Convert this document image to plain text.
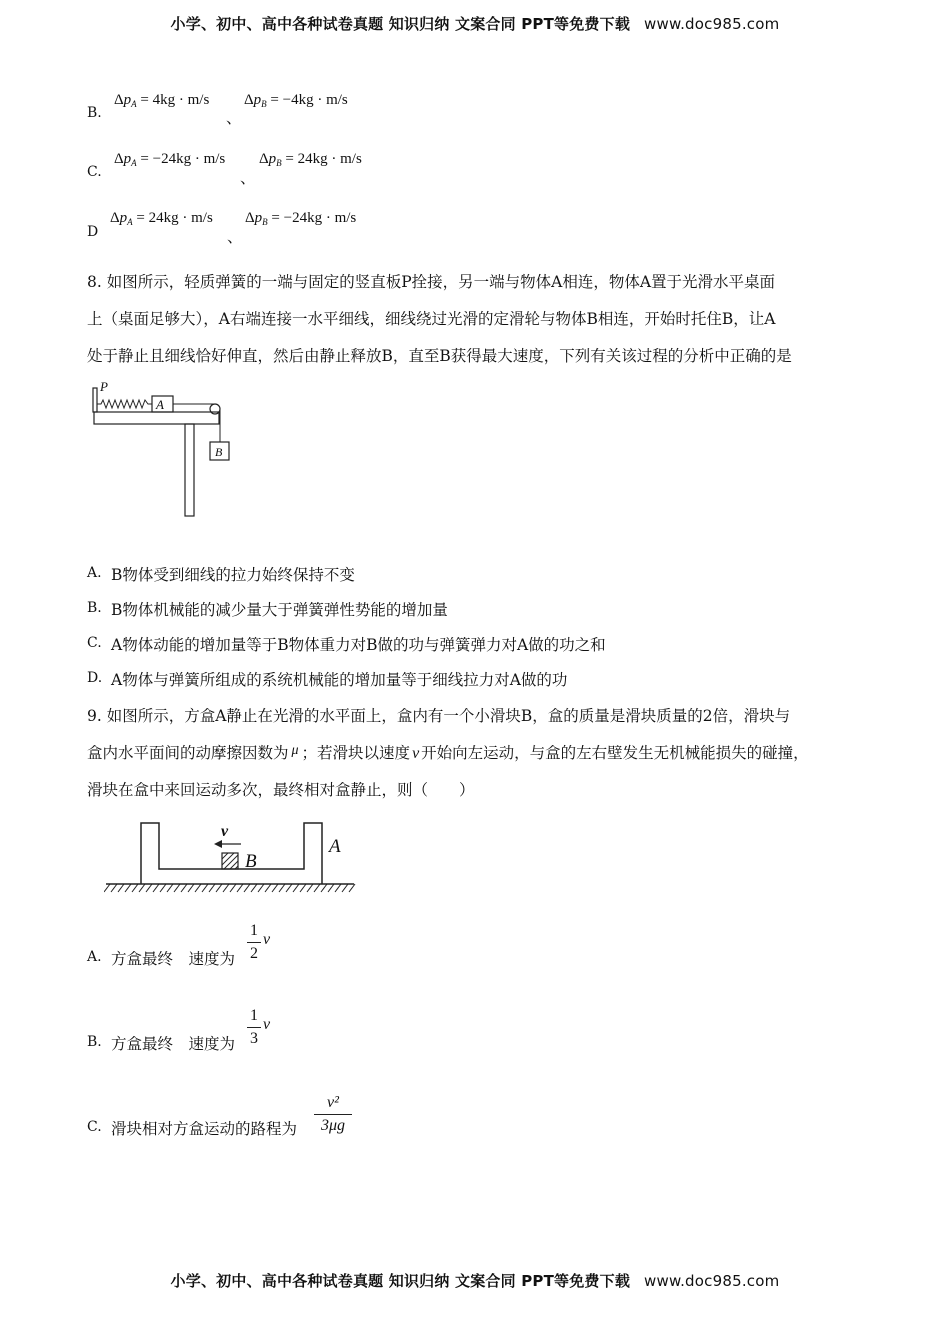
小学、初中、高中各种试卷真题 知识归纳 文案合同 PPT等免费下载 www.doc985.com
B.
$\Delta p_A = 4kg \cdot m/s$
、
$\Delta p_B = -4kg \cdot m/s$
C.
$\Delta p_A = -24kg \cdot m/s$
、
$\Delta p_B = 24kg \cdot m/s$
D
$\Delta p_A = 24kg \cdot m/s$
、
$\Delta p_B = -24kg \cdot m/s$
8. 如图所示，轻质弹簧的一端与固定的竖直板P拴接，另一端与物体A相连，物体A置于光滑水平桌面
上（桌面足够大），A右端连接一水平细线，细线绕过光滑的定滑轮与物体B相连，开始时托住B，让A
处于静止且细线恰好伸直，然后由静止释放B，直至B获得最大速度，下列有关该过程的分析中正确的是
P
A
B
A. B物体受到细线的拉力始终保持不变
B. B物体机械能的减少量大于弹簧弹性势能的增加量
C. A物体动能的增加量等于B物体重力对B做的功与弹簧弹力对A做的功之和
D. A物体与弹簧所组成的系统机械能的增加量等于细线拉力对A做的功
9. 如图所示，方盒A静止在光滑的水平面上，盒内有一个小滑块B，盒的质量是滑块质量的2倍，滑块与
盒内水平面间的动摩擦因数为 μ ；若滑块以速度 v 开始向左运动，与盒的左右壁发生无机械能损失的碰撞，
滑块在盒中来回运动多次，最终相对盒静止，则（　　）
B
v
A
A. 方盒最终　速度为
1
2
v
B. 方盒最终　速度为
1
3
v
C. 滑块相对方盒运动的路程为
v²
3μg
小学、初中、高中各种试卷真题 知识归纳 文案合同 PPT等免费下载 www.doc985.com
